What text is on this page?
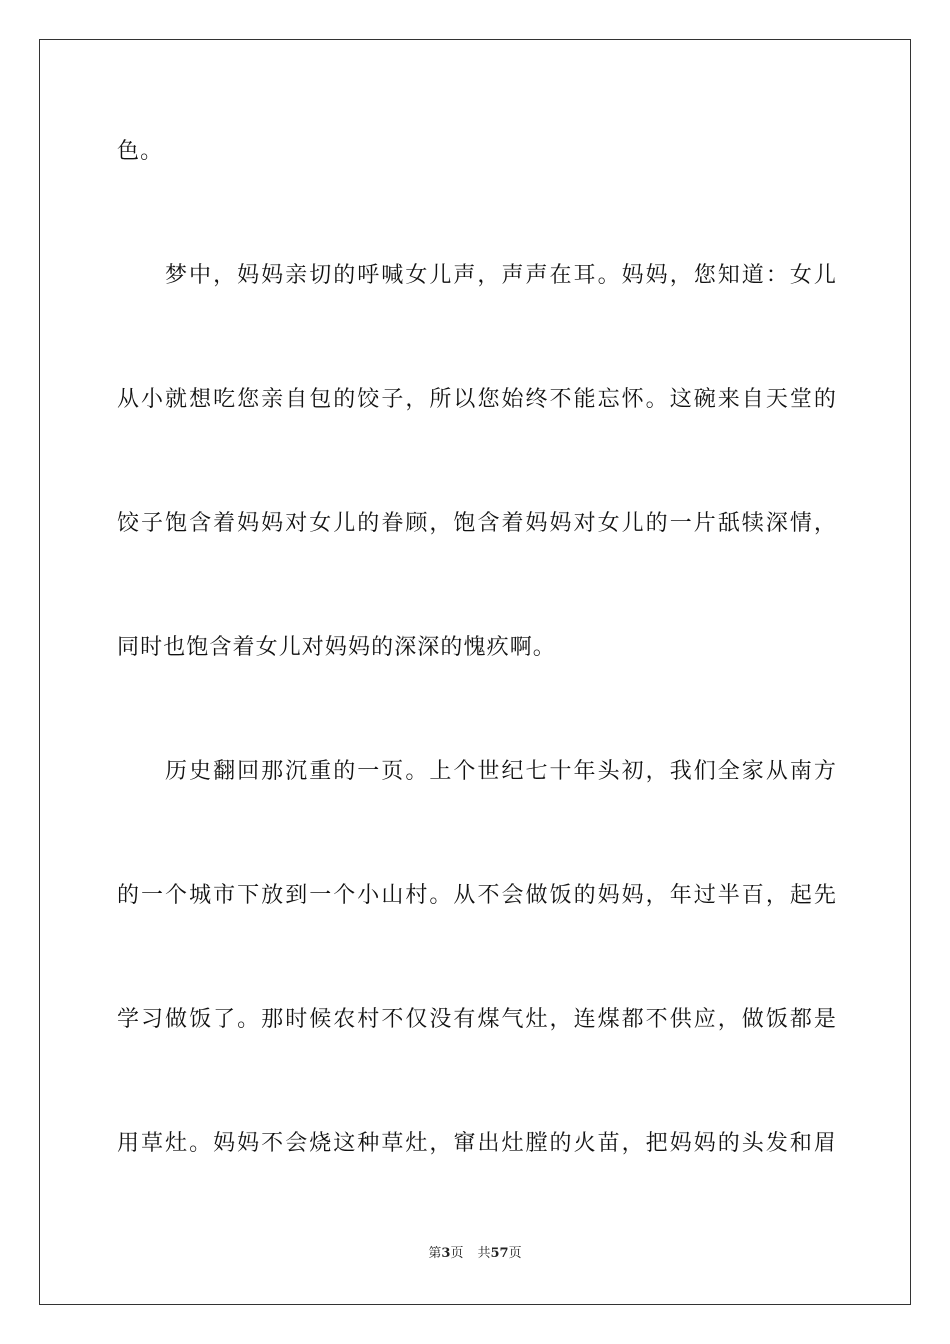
色。
梦中，妈妈亲切的呼喊女儿声，声声在耳。妈妈，您知道：女儿
从小就想吃您亲自包的饺子，所以您始终不能忘怀。这碗来自天堂的
饺子饱含着妈妈对女儿的眷顾，饱含着妈妈对女儿的一片舐犊深情，
同时也饱含着女儿对妈妈的深深的愧疚啊。
历史翻回那沉重的一页。上个世纪七十年头初，我们全家从南方
的一个城市下放到一个小山村。从不会做饭的妈妈，年过半百，起先
学习做饭了。那时候农村不仅没有煤气灶，连煤都不供应，做饭都是
用草灶。妈妈不会烧这种草灶，窜出灶膛的火苗，把妈妈的头发和眉
第3页 共57页
